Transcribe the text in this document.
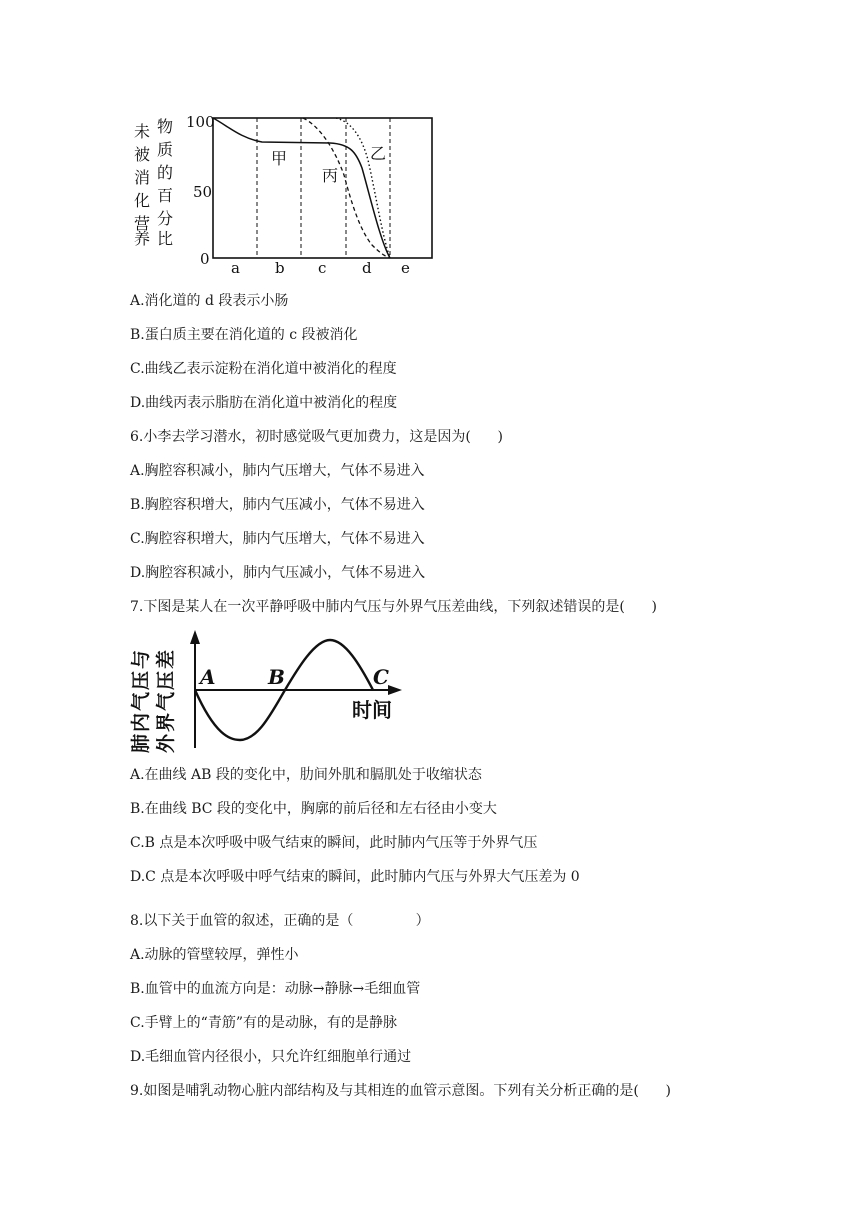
未
被
消
化
营
养
物
质
的
百
分
比
100
50
0
甲
丙
乙
a b c d e
A.消化道的 d 段表示小肠
B.蛋白质主要在消化道的 c 段被消化
C.曲线乙表示淀粉在消化道中被消化的程度
D.曲线丙表示脂肪在消化道中被消化的程度
6.小李去学习潜水，初时感觉吸气更加费力，这是因为(      )
A.胸腔容积减小，肺内气压增大，气体不易进入
B.胸腔容积增大，肺内气压减小，气体不易进入
C.胸腔容积增大，肺内气压增大，气体不易进入
D.胸腔容积减小，肺内气压减小，气体不易进入
7.下图是某人在一次平静呼吸中肺内气压与外界气压差曲线，下列叙述错误的是(      )
肺
内
气
压
与
外
界
气
压
差
A	B	C
时间
A.在曲线 AB 段的变化中，肋间外肌和膈肌处于收缩状态
B.在曲线 BC 段的变化中，胸廓的前后径和左右径由小变大
C.B 点是本次呼吸中吸气结束的瞬间，此时肺内气压等于外界气压
D.C 点是本次呼吸中呼气结束的瞬间，此时肺内气压与外界大气压差为 0
8.以下关于血管的叙述，正确的是（              ）
A.动脉的管壁较厚，弹性小
B.血管中的血流方向是：动脉→静脉→毛细血管
C.手臂上的“青筋”有的是动脉，有的是静脉
D.毛细血管内径很小，只允许红细胞单行通过
9.如图是哺乳动物心脏内部结构及与其相连的血管示意图。下列有关分析正确的是(      )
